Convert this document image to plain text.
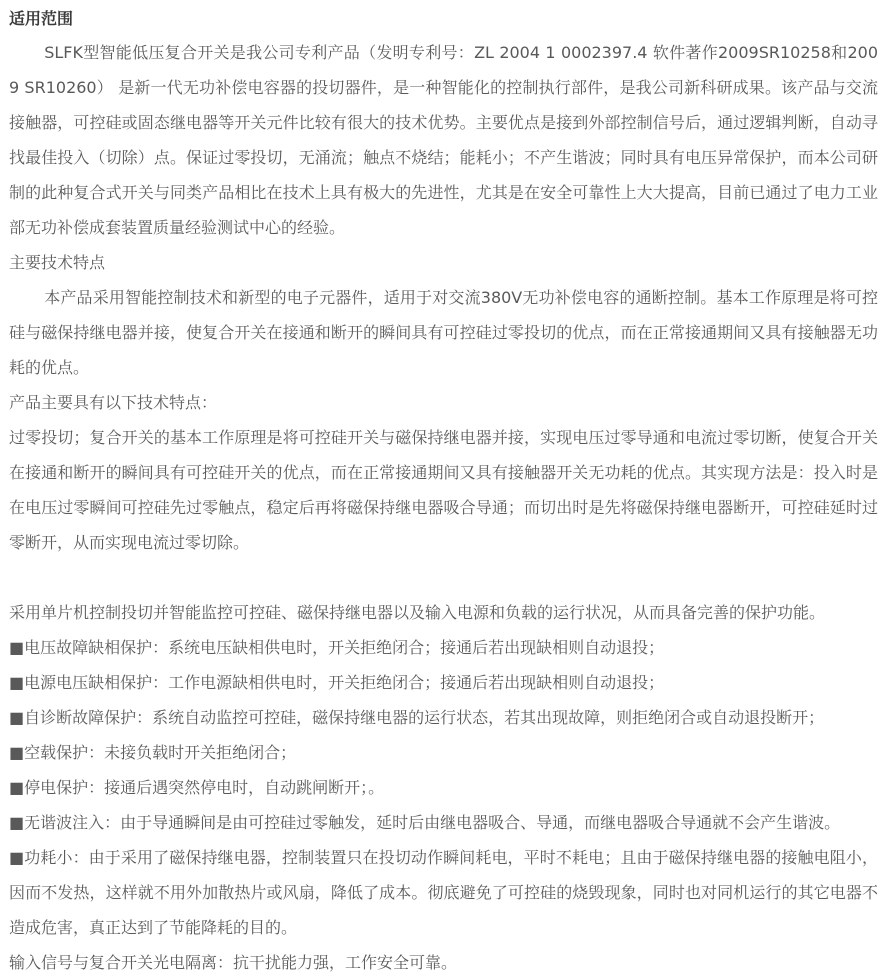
适用范围

SLFK型智能低压复合开关是我公司专利产品（发明专利号：ZL 2004 1 0002397.4 软件著作2009SR10258和2009 SR10260） 是新一代无功补偿电容器的投切器件，是一种智能化的控制执行部件，是我公司新科研成果。该产品与交流接触器，可控硅或固态继电器等开关元件比较有很大的技术优势。主要优点是接到外部控制信号后，通过逻辑判断，自动寻找最佳投入（切除）点。保证过零投切，无涌流；触点不烧结；能耗小；不产生谐波；同时具有电压异常保护，而本公司研制的此种复合式开关与同类产品相比在技术上具有极大的先进性，尤其是在安全可靠性上大大提高，目前已通过了电力工业部无功补偿成套装置质量经验测试中心的经验。

主要技术特点

本产品采用智能控制技术和新型的电子元器件，适用于对交流380V无功补偿电容的通断控制。基本工作原理是将可控硅与磁保持继电器并接，使复合开关在接通和断开的瞬间具有可控硅过零投切的优点，而在正常接通期间又具有接触器无功耗的优点。

产品主要具有以下技术特点：

过零投切；复合开关的基本工作原理是将可控硅开关与磁保持继电器并接，实现电压过零导通和电流过零切断，使复合开关在接通和断开的瞬间具有可控硅开关的优点，而在正常接通期间又具有接触器开关无功耗的优点。其实现方法是：投入时是在电压过零瞬间可控硅先过零触点，稳定后再将磁保持继电器吸合导通；而切出时是先将磁保持继电器断开，可控硅延时过零断开，从而实现电流过零切除。

采用单片机控制投切并智能监控可控硅、磁保持继电器以及输入电源和负载的运行状况，从而具备完善的保护功能。

■电压故障缺相保护：系统电压缺相供电时，开关拒绝闭合；接通后若出现缺相则自动退投；

■电源电压缺相保护：工作电源缺相供电时，开关拒绝闭合；接通后若出现缺相则自动退投；

■自诊断故障保护：系统自动监控可控硅，磁保持继电器的运行状态，若其出现故障，则拒绝闭合或自动退投断开；

■空载保护：未接负载时开关拒绝闭合；

■停电保护：接通后遇突然停电时，自动跳闸断开；。

■无谐波注入：由于导通瞬间是由可控硅过零触发，延时后由继电器吸合、导通，而继电器吸合导通就不会产生谐波。

■功耗小：由于采用了磁保持继电器，控制装置只在投切动作瞬间耗电，平时不耗电；且由于磁保持继电器的接触电阻小，因而不发热，这样就不用外加散热片或风扇，降低了成本。彻底避免了可控硅的烧毁现象，同时也对同机运行的其它电器不造成危害，真正达到了节能降耗的目的。

输入信号与复合开关光电隔离：抗干扰能力强，工作安全可靠。
